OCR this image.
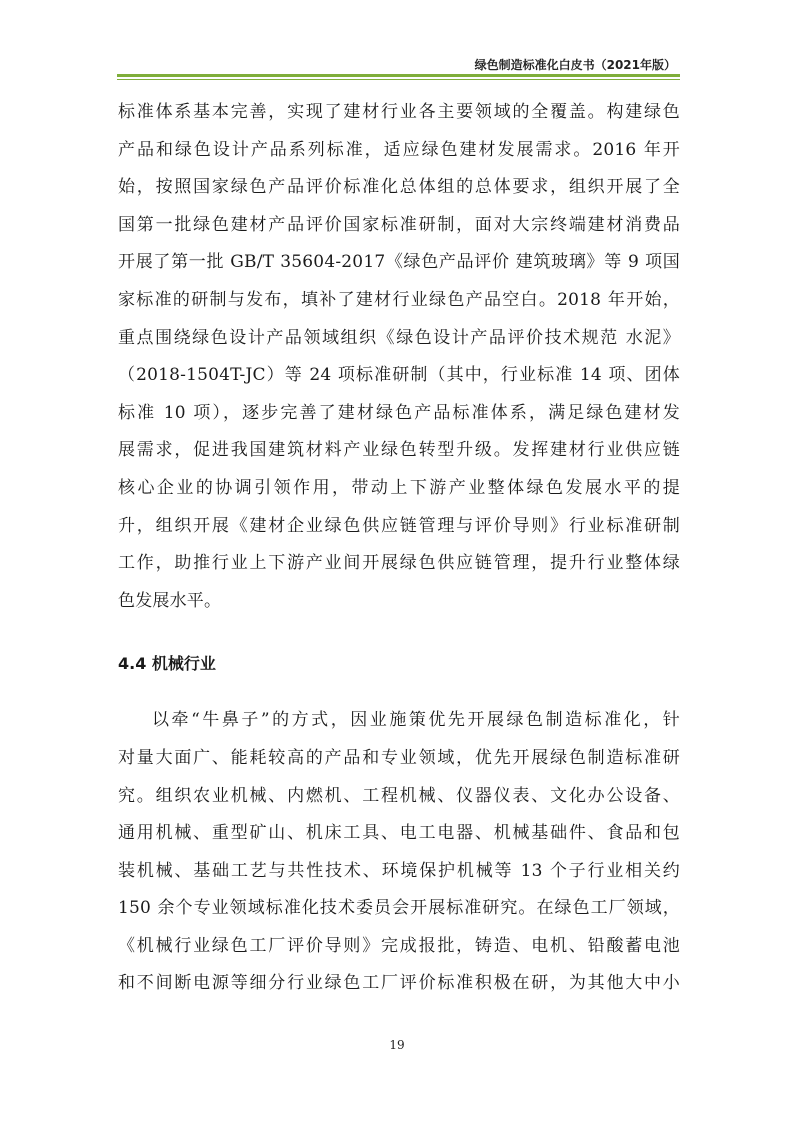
绿色制造标准化白皮书（2021年版）
标准体系基本完善，实现了建材行业各主要领域的全覆盖。构建绿色
产品和绿色设计产品系列标准，适应绿色建材发展需求。2016 年开
始，按照国家绿色产品评价标准化总体组的总体要求，组织开展了全
国第一批绿色建材产品评价国家标准研制，面对大宗终端建材消费品
开展了第一批 GB/T 35604-2017《绿色产品评价 建筑玻璃》等 9 项国
家标准的研制与发布，填补了建材行业绿色产品空白。2018 年开始，
重点围绕绿色设计产品领域组织《绿色设计产品评价技术规范 水泥》
（2018-1504T-JC）等 24 项标准研制（其中，行业标准 14 项、团体
标准 10 项），逐步完善了建材绿色产品标准体系，满足绿色建材发
展需求，促进我国建筑材料产业绿色转型升级。发挥建材行业供应链
核心企业的协调引领作用，带动上下游产业整体绿色发展水平的提
升，组织开展《建材企业绿色供应链管理与评价导则》行业标准研制
工作，助推行业上下游产业间开展绿色供应链管理，提升行业整体绿
色发展水平。
4.4 机械行业
以牵“牛鼻子”的方式，因业施策优先开展绿色制造标准化，针
对量大面广、能耗较高的产品和专业领域，优先开展绿色制造标准研
究。组织农业机械、内燃机、工程机械、仪器仪表、文化办公设备、
通用机械、重型矿山、机床工具、电工电器、机械基础件、食品和包
装机械、基础工艺与共性技术、环境保护机械等 13 个子行业相关约
150 余个专业领域标准化技术委员会开展标准研究。在绿色工厂领域，
《机械行业绿色工厂评价导则》完成报批，铸造、电机、铅酸蓄电池
和不间断电源等细分行业绿色工厂评价标准积极在研，为其他大中小
19
